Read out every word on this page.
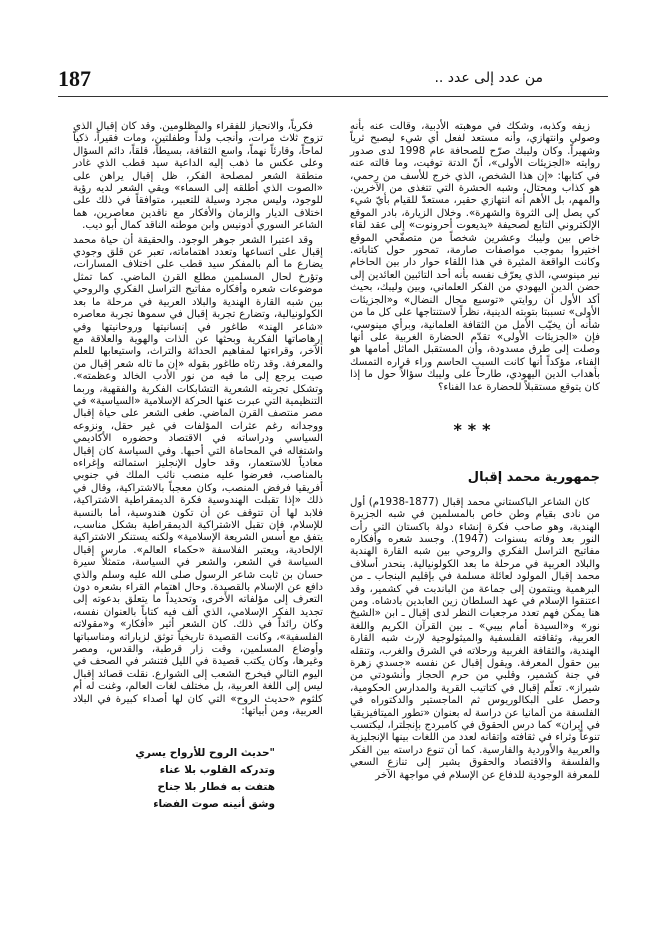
187	من عدد إلى عدد ..

زيفه وكذبه، وشكك في موهبته الأدبية، وقالت عنه بأنه وصولي وانتهازي، وأنه مستعد لفعل أي شيء ليصبح ثرياً وشهيراً. وكان وليبك صرّح للصحافة عام 1998 لدى صدور روايته «الجزيئات الأولى»، أنّ الدتة توفيت، وما قالته عنه في كتابها: «إن هذا الشخص، الذي خرج للأسف من رحمي، هو كذاب ومحتال، وشبه الحشرة التي تتغذى من الآخرين. والمهم، بل الأهم أنه انتهازي حقير، مستعدّ للقيام بأيّ شيء كي يصل إلى الثروة والشهرة». وخلال الزيارة، بادر الموقع الإلكتروني التابع لصحيفة «يديعوت أحرونوت» إلى عقد لقاء خاص بين وليبك وعشرين شخصاً من متصفّحي الموقع اختيروا بموجب مواصفات صارمة، تمحور حول كتاباته. وكانت الواقعة المثيرة في هذا اللقاء حوار دار بين الحاخام نير مينوسي، الذي يعرّف نفسه بأنه أحد التائبين العائدين إلى حضن الدين اليهودي من الفكر العلماني، وبين وليبك، بحيث أكد الأول أن روايتي «توسيع مجال النضال» و«الجزيئات الأولى» تسببتا بتوبته الدينية، نظراً لاستنتاجها على كل ما من شأنه أن يخيّب الأمل من الثقافة العلمانية، وبرأي مينوسي، فإن «الجزيئات الأولى» تقدّم الحضارة الغربية على أنها وصلت إلى طرق مسدودة، وأن المستقبل الماثل أمامها هو الفناء، مؤكداً أنها كانت السبب الحاسم وراء قراره التمسك بأهداب الدين اليهودي، طارحاً على وليبك سؤالاً حول ما إذا كان يتوقع مستقبلاً للحضارة عدا الفناء؟

***
جمهورية محمد إقبال

كان الشاعر الباكستاني محمد إقبال (1877-1938م) أول من نادى بقيام وطن خاص بالمسلمين في شبه الجزيرة الهندية، وهو صاحب فكرة إنشاء دولة باكستان التي رأت النور بعد وفاته بسنوات (1947). وجسد شعره وأفكاره مفاتيح التراسل الفكري والروحي بين شبه القارة الهندية والبلاد العربية في مرحلة ما بعد الكولونيالية. ينحدر أسلاف محمد إقبال المولود لعائلة مسلمة في بإقليم البنجاب ـ من البرهمية وينتمون إلى جماعة من الباندبت في كشمير، وقد اعتنقوا الإسلام في عهد السلطان زين العابدين بادشاه. ومن هنا يمكن فهم تعدد مرجعيات النظر لدى إقبال ـ ابن «الشيخ نور» و«السيدة أمام بيبي» ـ بين القرآن الكريم واللغة العربية، وثقافته الفلسفية والميثولوجية لإرث شبه القارة الهندية، والثقافة الغربية ورحلاته في الشرق والغرب، وتنقله بين حقول المعرفة. ويقول إقبال عن نفسه «جسدي زهرة في جنة كشمير، وقلبي من حرم الحجاز وأنشودتي من شيراز». تعلّم إقبال في كتاتيب القرية والمدارس الحكومية، وحصل على البكالوريوس ثم الماجستير والدكتوراه في الفلسفة من ألمانيا عن دراسة له بعنوان «تطور الميتافيزيقيا في إيران» كما درس الحقوق في كامبردج بإنجلترا، ليكتسب تنوعاً وثراء في ثقافته وإتقانه لعدد من اللغات بينها الإنجليزية والعربية والأوردية والفارسية. كما أن تنوع دراسته بين الفكر والفلسفة والاقتصاد والحقوق يشير إلى تنازع السعي للمعرفة الوجودية للدفاع عن الإسلام في مواجهة الآخر

فكرياً، والانحياز للفقراء والمظلومين. وقد كان إقبال الذي تزوج ثلاث مرات، وأنجب ولداً وطفلتين، ومات فقيراً، ذكياً لماحاً، وقارئاً نهماً، واسع الثقافة، بسيطاً، قلقاً، دائم السؤال وعلى عكس ما ذهب إليه الداعية سيد قطب الذي غادر منطقة الشعر لمصلحة الفكر، ظل إقبال يراهن على «الصوت الذي أطلقه إلى السماء» ويقي الشعر لديه رؤية للوجود، وليس مجرد وسيلة للتعبير، متوافقاً في ذلك على اختلاف الديار والزمان والأفكار مع ناقدين معاصرين، هما الشاعر السوري أدونيس وابن موطنه الناقد كمال أبو ديب.

وقد اعتبرا الشعر جوهر الوجود. والحقيقة أن حياة محمد إقبال على اتساعها وتعدد اهتماماته، تعبر عن قلق وجودي يضارع ما ألم بالمفكر سيد قطب على اختلاف المسارات، وتؤرخ لحال المسلمين مطلع القرن الماضي. كما تمثل موضوعات شعره وأفكاره مفاتيح التراسل الفكري والروحي بين شبه القارة الهندية والبلاد العربية في مرحلة ما بعد الكولونيالية، وتضارع تجربة إقبال في سموها تجربة معاصره «شاعر الهند» طاغور في إنسانيتها وروحانيتها وفي إرهاصاتها الفكرية وبحثها عن الذات والهوية والعلاقة مع الآخر، وقراءتها لمفاهيم الحداثة والتراث، واستيعابها للعلم والمعرفة. وقد رثاه طاغور بقوله «إن ما تاله شعر إقبال من صيت يرجع إلى ما فيه من نور الأدب الخالد وعظمته». وتشكل تجربته الشعرية التشابكات الفكرية والفقهية، وربما التنظيمية التي عبرت عنها الحركة الإسلامية «السياسية» في مصر منتصف القرن الماضي. طغى الشعر على حياة إقبال ووجدانه رغم عثرات المؤلفات في غير حقل، ونزوعه السياسي ودراساته في الاقتصاد وحضوره الأكاديمي واشتغاله في المحاماة التي أحبها. وفي السياسة كان إقبال معادياً للاستعمار، وقد حاول الإنجليز استمالته وإغراءه بالمناصب، فعرضوا عليه منصب نائب الملك في جنوبي أفريقيا فرفض المنصب، وكان معجباً بالاشتراكية، وقال في ذلك «إذا تقبلت الهندوسية فكرة الديمقراطية الاشتراكية، فلابد لها أن تتوقف عن أن تكون هندوسية، أما بالنسبة للإسلام، فإن تقبل الاشتراكية الديمقراطية بشكل مناسب، يتفق مع أسس الشريعة الإسلامية» ولكنه يستنكر الاشتراكية الإلحادية، ويعتبر الفلاسفة «حكماء العالم». مارس إقبال السياسة في الشعر، والشعر في السياسة، متمثلاً سيرة حسان بن ثابت شاعر الرسول صلى الله عليه وسلم والذي دافع عن الإسلام بالقصيدة. وحال اهتمام القراء بشعره دون التعرف إلى مؤلفاته الأخرى، وتحديداً ما يتعلق بدعوته إلى تجديد الفكر الإسلامي، الذي ألف فيه كتاباً بالعنوان نفسه، وكان رائداً في ذلك. كان الشعر أثير «أفكار» و«مقولاته الفلسفية»، وكانت القصيدة تاريخياً توثق لزياراته ومناسباتها وأوضاع المسلمين، وقت زار قرطبة، والقدس، ومصر وغيرها، وكان يكتب قصيدة في الليل فتنشر في الصحف في اليوم التالي فيخرج الشعب إلى الشوارع. نقلت قصائد إقبال ليس إلى اللغة العربية، بل مختلف لغات العالم، وغنت له أم كلثوم «حديث الروح» التي كان لها أصداء كبيرة في البلاد العربية، ومن أبياتها:

"حديث الروح للأرواح يسري
وتدركه القلوب بلا عناء
هتفت به فطار بلا جناح
وشق أنينه صوت الفضاء
